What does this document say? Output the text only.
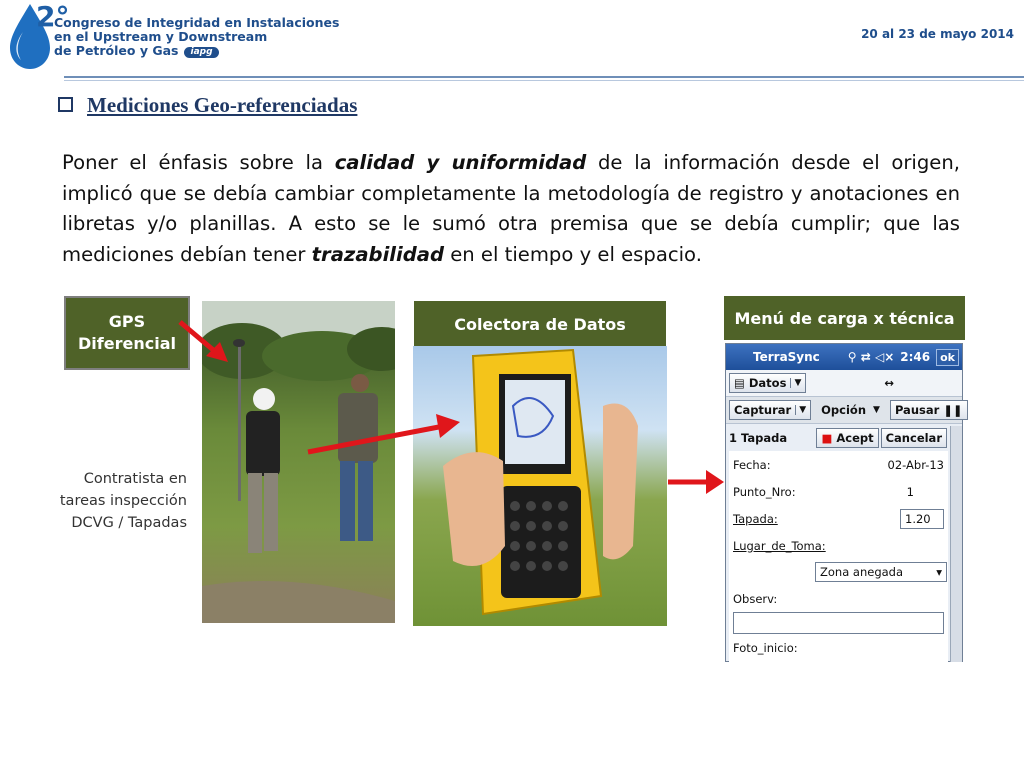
2°
Congreso de Integridad en Instalaciones
en el Upstream y Downstream
de Petróleo y Gas iapg
20 al 23 de mayo 2014
Mediciones Geo-referenciadas
Poner el énfasis sobre la calidad y uniformidad de la información desde el origen, implicó que se debía cambiar completamente la metodología de registro y anotaciones en libretas y/o planillas. A esto se le sumó otra premisa que se debía cumplir; que las mediciones debían tener trazabilidad en el tiempo y el espacio.
GPS
Diferencial
Colectora de Datos	Menú de carga x técnica
Contratista en
tareas inspección
DCVG / Tapadas
TerraSync	⚲ ⇄ ◁× 2:46 ok
▤ Datos ▼	↔
Capturar ▼ Opción ▼ Pausar ❚❚
1 Tapada	■ Acept	Cancelar
Fecha:	02-Abr-13
Punto_Nro:	1
Tapada:	1.20
Lugar_de_Toma:
Zona anegada	▾
Observ:
Foto_inicio:
